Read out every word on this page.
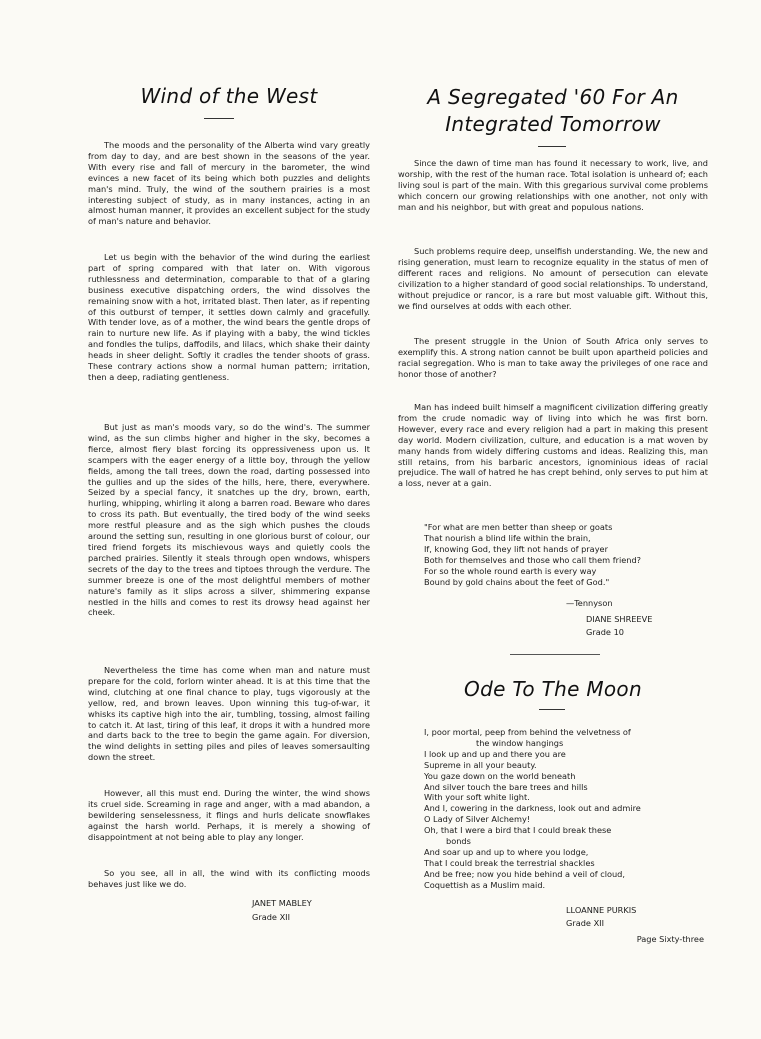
Wind of the West

The moods and the personality of the Alberta wind vary greatly from day to day, and are best shown in the seasons of the year. With every rise and fall of mercury in the barometer, the wind evinces a new facet of its being which both puzzles and delights man's mind. Truly, the wind of the southern prairies is a most interesting subject of study, as in many instances, acting in an almost human manner, it provides an excellent subject for the study of man's nature and behavior.

Let us begin with the behavior of the wind during the earliest part of spring compared with that later on. With vigorous ruthlessness and determination, comparable to that of a glaring business executive dispatching orders, the wind dissolves the remaining snow with a hot, irritated blast. Then later, as if repenting of this outburst of temper, it settles down calmly and gracefully. With tender love, as of a mother, the wind bears the gentle drops of rain to nurture new life. As if playing with a baby, the wind tickles and fondles the tulips, daffodils, and lilacs, which shake their dainty heads in sheer delight. Softly it cradles the tender shoots of grass. These contrary actions show a normal human pattern; irritation, then a deep, radiating gentleness.

But just as man's moods vary, so do the wind's. The summer wind, as the sun climbs higher and higher in the sky, becomes a fierce, almost fiery blast forcing its oppressiveness upon us. It scampers with the eager energy of a little boy, through the yellow fields, among the tall trees, down the road, darting possessed into the gullies and up the sides of the hills, here, there, everywhere. Seized by a special fancy, it snatches up the dry, brown, earth, hurling, whipping, whirling it along a barren road. Beware who dares to cross its path. But eventually, the tired body of the wind seeks more restful pleasure and as the sigh which pushes the clouds around the setting sun, resulting in one glorious burst of colour, our tired friend forgets its mischievous ways and quietly cools the parched prairies. Silently it steals through open wndows, whispers secrets of the day to the trees and tiptoes through the verdure. The summer breeze is one of the most delightful members of mother nature's family as it slips across a silver, shimmering expanse nestled in the hills and comes to rest its drowsy head against her cheek.

Nevertheless the time has come when man and nature must prepare for the cold, forlorn winter ahead. It is at this time that the wind, clutching at one final chance to play, tugs vigorously at the yellow, red, and brown leaves. Upon winning this tug-of-war, it whisks its captive high into the air, tumbling, tossing, almost failing to catch it. At last, tiring of this leaf, it drops it with a hundred more and darts back to the tree to begin the game again. For diversion, the wind delights in setting piles and piles of leaves somersaulting down the street.

However, all this must end. During the winter, the wind shows its cruel side. Screaming in rage and anger, with a mad abandon, a bewildering senselessness, it flings and hurls delicate snowflakes against the harsh world. Perhaps, it is merely a showing of disappointment at not being able to play any longer.

So you see, all in all, the wind with its conflicting moods behaves just like we do.

JANET MABLEY
Grade XII
A Segregated '60 For An
Integrated Tomorrow

Since the dawn of time man has found it necessary to work, live, and worship, with the rest of the human race. Total isolation is unheard of; each living soul is part of the main. With this gregarious survival come problems which concern our growing relationships with one another, not only with man and his neighbor, but with great and populous nations.

Such problems require deep, unselfish understanding. We, the new and rising generation, must learn to recognize equality in the status of men of different races and religions. No amount of persecution can elevate civilization to a higher standard of good social relationships. To understand, without prejudice or rancor, is a rare but most valuable gift. Without this, we find ourselves at odds with each other.

The present struggle in the Union of South Africa only serves to exemplify this. A strong nation cannot be built upon apartheid policies and racial segregation. Who is man to take away the privileges of one race and honor those of another?

Man has indeed built himself a magnificent civilization differing greatly from the crude nomadic way of living into which he was first born. However, every race and every religion had a part in making this present day world. Modern civilization, culture, and education is a mat woven by many hands from widely differing customs and ideas. Realizing this, man still retains, from his barbaric ancestors, ignominious ideas of racial prejudice. The wall of hatred he has crept behind, only serves to put him at a loss, never at a gain.

"For what are men better than sheep or goats
That nourish a blind life within the brain,
If, knowing God, they lift not hands of prayer
Both for themselves and those who call them friend?
For so the whole round earth is every way
Bound by gold chains about the feet of God."
—Tennyson
DIANE SHREEVE
Grade 10
Ode To The Moon
I, poor mortal, peep from behind the velvetness of
the window hangings
I look up and up and there you are
Supreme in all your beauty.
You gaze down on the world beneath
And silver touch the bare trees and hills
With your soft white light.
And I, cowering in the darkness, look out and admire
O Lady of Silver Alchemy!
Oh, that I were a bird that I could break these
bonds
And soar up and up to where you lodge,
That I could break the terrestrial shackles
And be free; now you hide behind a veil of cloud,
Coquettish as a Muslim maid.
LLOANNE PURKIS
Grade XII
Page Sixty-three
